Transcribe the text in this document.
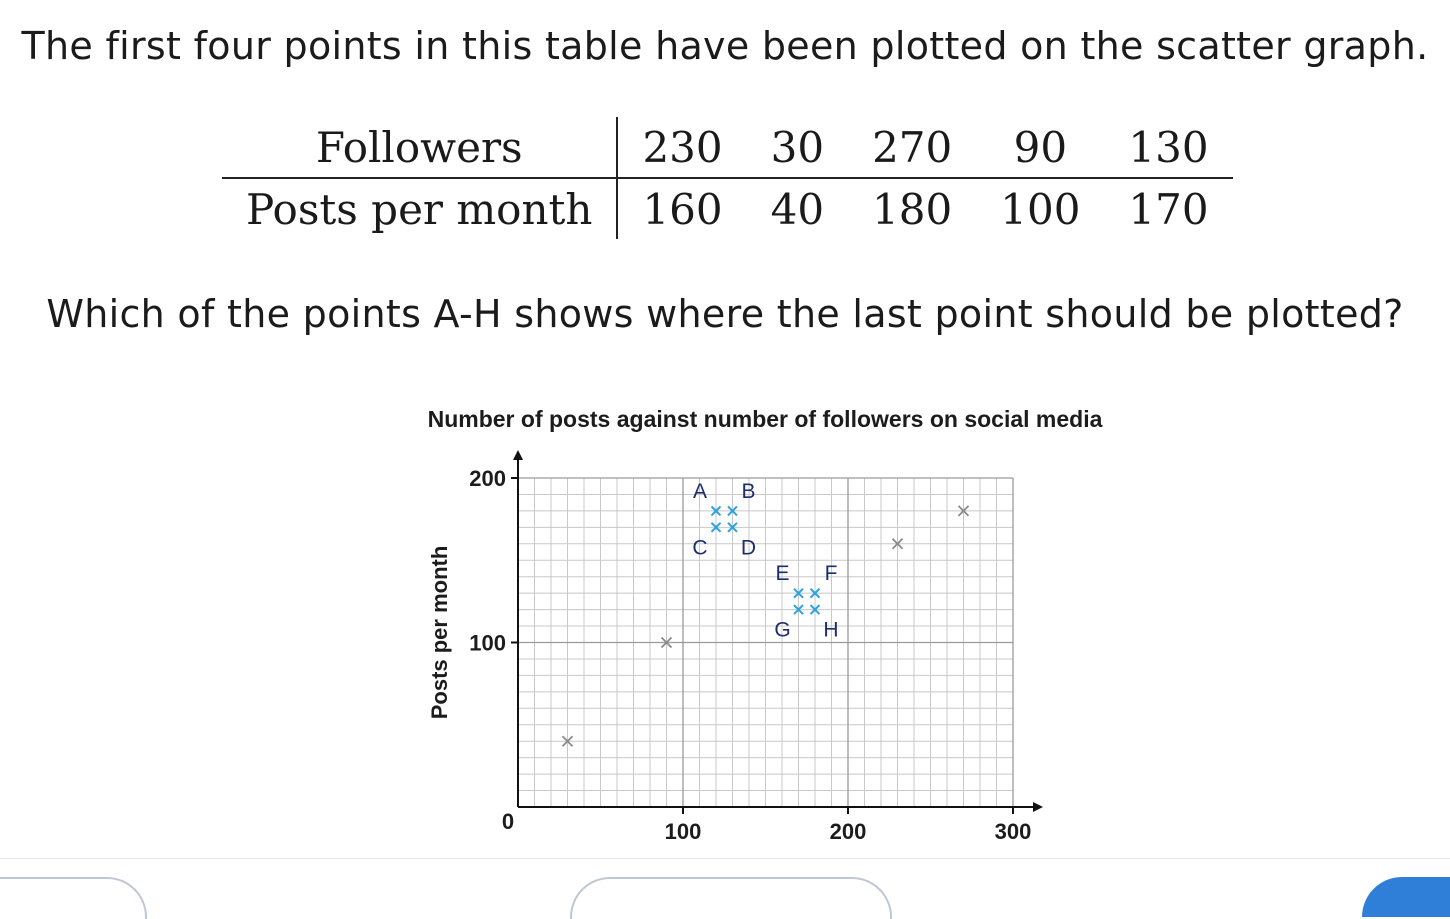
The first four points in this table have been plotted on the scatter graph.
Followers	230	30	270	90	130
Posts per month	160	40	180	100	170
Which of the points A-H shows where the last point should be plotted?
Number of posts against number of followers on social media
0	100	200	300
100
200
Posts per month
A B
C D
E F
G H
